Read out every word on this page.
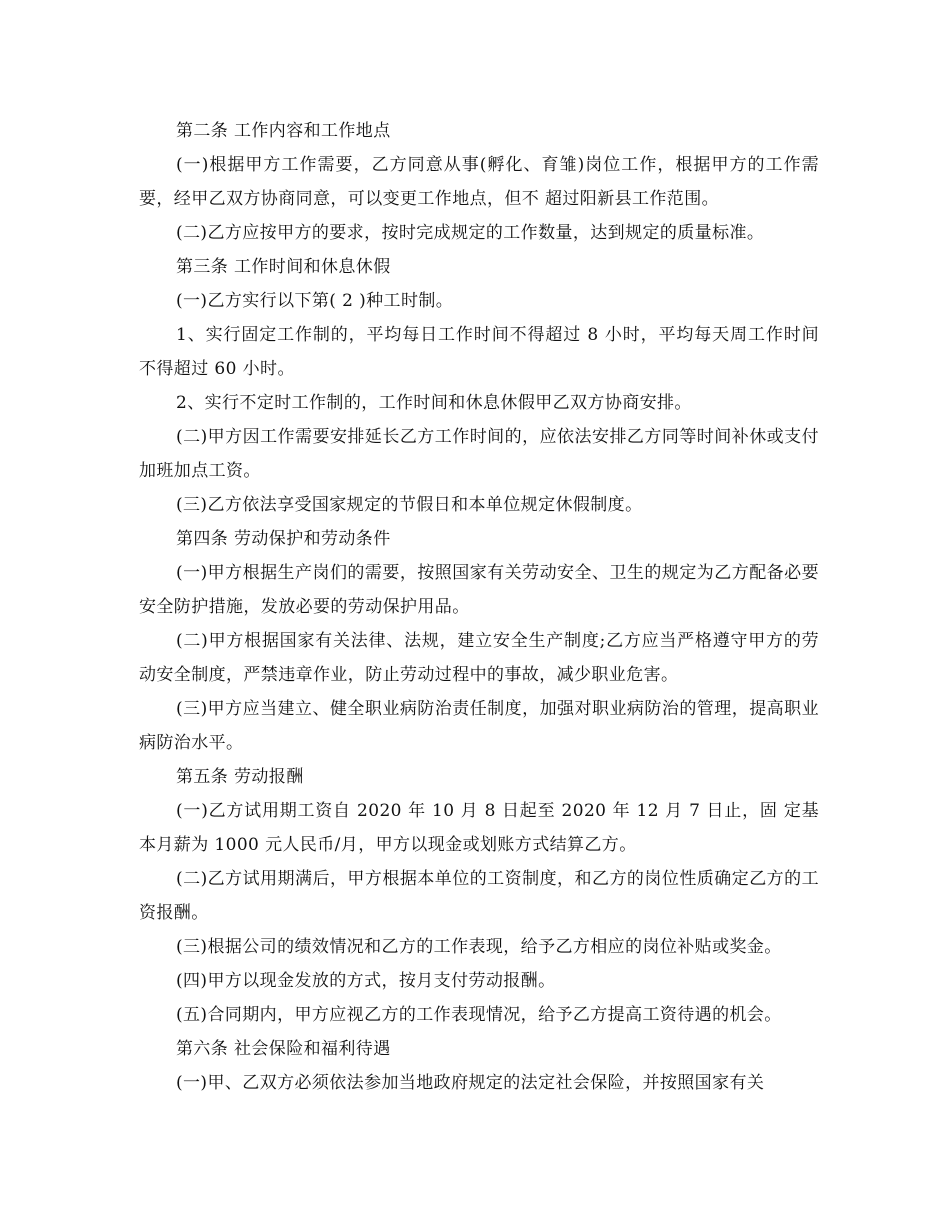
第二条 工作内容和工作地点

(一)根据甲方工作需要，乙方同意从事(孵化、育雏)岗位工作，根据甲方的工作需要，经甲乙双方协商同意，可以变更工作地点，但不 超过阳新县工作范围。

(二)乙方应按甲方的要求，按时完成规定的工作数量，达到规定的质量标准。

第三条 工作时间和休息休假

(一)乙方实行以下第( 2 )种工时制。

1、实行固定工作制的，平均每日工作时间不得超过 8 小时，平均每天周工作时间不得超过 60 小时。

2、实行不定时工作制的，工作时间和休息休假甲乙双方协商安排。

(二)甲方因工作需要安排延长乙方工作时间的，应依法安排乙方同等时间补休或支付加班加点工资。

(三)乙方依法享受国家规定的节假日和本单位规定休假制度。

第四条 劳动保护和劳动条件

(一)甲方根据生产岗们的需要，按照国家有关劳动安全、卫生的规定为乙方配备必要安全防护措施，发放必要的劳动保护用品。

(二)甲方根据国家有关法律、法规，建立安全生产制度;乙方应当严格遵守甲方的劳动安全制度，严禁违章作业，防止劳动过程中的事故，减少职业危害。

(三)甲方应当建立、健全职业病防治责任制度，加强对职业病防治的管理，提高职业病防治水平。

第五条 劳动报酬

(一)乙方试用期工资自 2020 年 10 月 8 日起至 2020 年 12 月 7 日止，固 定基本月薪为 1000 元人民币/月，甲方以现金或划账方式结算乙方。

(二)乙方试用期满后，甲方根据本单位的工资制度，和乙方的岗位性质确定乙方的工资报酬。

(三)根据公司的绩效情况和乙方的工作表现，给予乙方相应的岗位补贴或奖金。

(四)甲方以现金发放的方式，按月支付劳动报酬。

(五)合同期内，甲方应视乙方的工作表现情况，给予乙方提高工资待遇的机会。

第六条 社会保险和福利待遇

(一)甲、乙双方必须依法参加当地政府规定的法定社会保险，并按照国家有关
